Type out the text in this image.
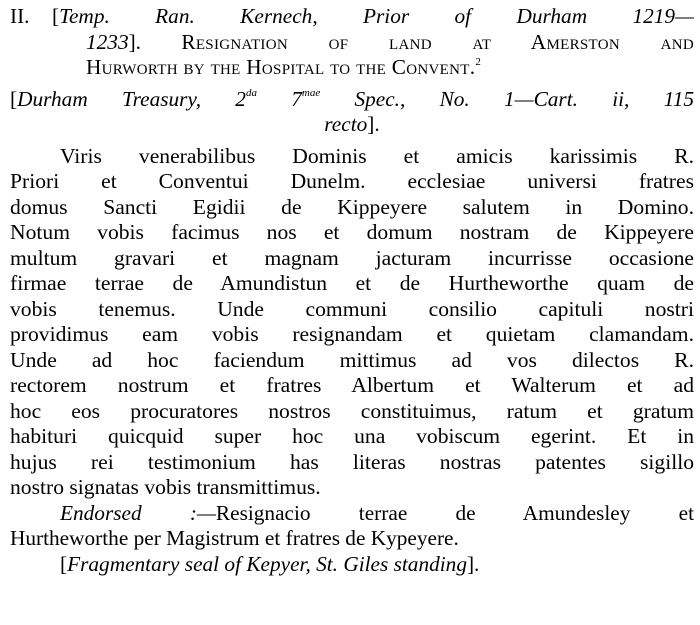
II. [Temp. Ran. Kernech, Prior of Durham 1219—
1233]. Resignation of land at Amerston and
Hurworth by the Hospital to the Convent.$^2$
[Durham Treasury, $2^{da}$ $7^{mae}$ Spec., No. 1—Cart. ii, 115
recto].
Viris venerabilibus Dominis et amicis karissimis R.
Priori et Conventui Dunelm. ecclesiae universi fratres
domus Sancti Egidii de Kippeyere salutem in Domino.
Notum vobis facimus nos et domum nostram de Kippeyere
multum gravari et magnam jacturam incurrisse occasione
firmae terrae de Amundistun et de Hurtheworthe quam de
vobis tenemus. Unde communi consilio capituli nostri
providimus eam vobis resignandam et quietam clamandam.
Unde ad hoc faciendum mittimus ad vos dilectos R.
rectorem nostrum et fratres Albertum et Walterum et ad
hoc eos procuratores nostros constituimus, ratum et gratum
habituri quicquid super hoc una vobiscum egerint. Et in
hujus rei testimonium has literas nostras patentes sigillo
nostro signatas vobis transmittimus.
Endorsed :—Resignacio terrae de Amundesley et
Hurtheworthe per Magistrum et fratres de Kypeyere.
[Fragmentary seal of Kepyer, St. Giles standing].
